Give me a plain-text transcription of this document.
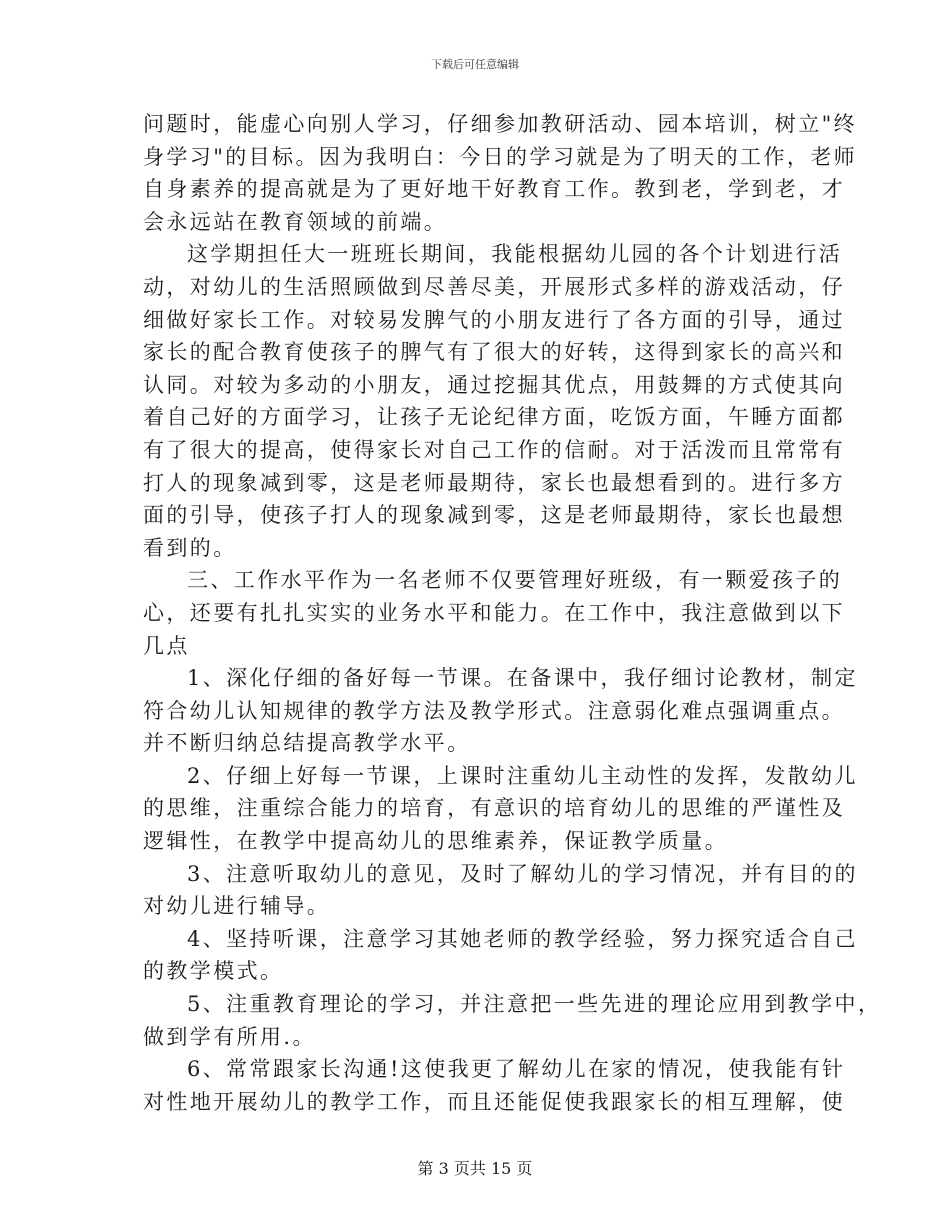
下载后可任意编辑
问题时，能虚心向别人学习，仔细参加教研活动、园本培训，树立"终
身学习"的目标。因为我明白：今日的学习就是为了明天的工作，老师
自身素养的提高就是为了更好地干好教育工作。教到老，学到老，才
会永远站在教育领域的前端。
这学期担任大一班班长期间，我能根据幼儿园的各个计划进行活
动，对幼儿的生活照顾做到尽善尽美，开展形式多样的游戏活动，仔
细做好家长工作。对较易发脾气的小朋友进行了各方面的引导，通过
家长的配合教育使孩子的脾气有了很大的好转，这得到家长的高兴和
认同。对较为多动的小朋友，通过挖掘其优点，用鼓舞的方式使其向
着自己好的方面学习，让孩子无论纪律方面，吃饭方面，午睡方面都
有了很大的提高，使得家长对自己工作的信耐。对于活泼而且常常有
打人的现象减到零，这是老师最期待，家长也最想看到的。进行多方
面的引导，使孩子打人的现象减到零，这是老师最期待，家长也最想
看到的。
三、工作水平作为一名老师不仅要管理好班级，有一颗爱孩子的
心，还要有扎扎实实的业务水平和能力。在工作中，我注意做到以下
几点
1、深化仔细的备好每一节课。在备课中，我仔细讨论教材，制定
符合幼儿认知规律的教学方法及教学形式。注意弱化难点强调重点。
并不断归纳总结提高教学水平。
2、仔细上好每一节课，上课时注重幼儿主动性的发挥，发散幼儿
的思维，注重综合能力的培育，有意识的培育幼儿的思维的严谨性及
逻辑性，在教学中提高幼儿的思维素养，保证教学质量。
3、注意听取幼儿的意见，及时了解幼儿的学习情况，并有目的的
对幼儿进行辅导。
4、坚持听课，注意学习其她老师的教学经验，努力探究适合自己
的教学模式。
5、注重教育理论的学习，并注意把一些先进的理论应用到教学中，
做到学有所用.。
6、常常跟家长沟通!这使我更了解幼儿在家的情况，使我能有针
对性地开展幼儿的教学工作，而且还能促使我跟家长的相互理解，使
第 3 页共 15 页
